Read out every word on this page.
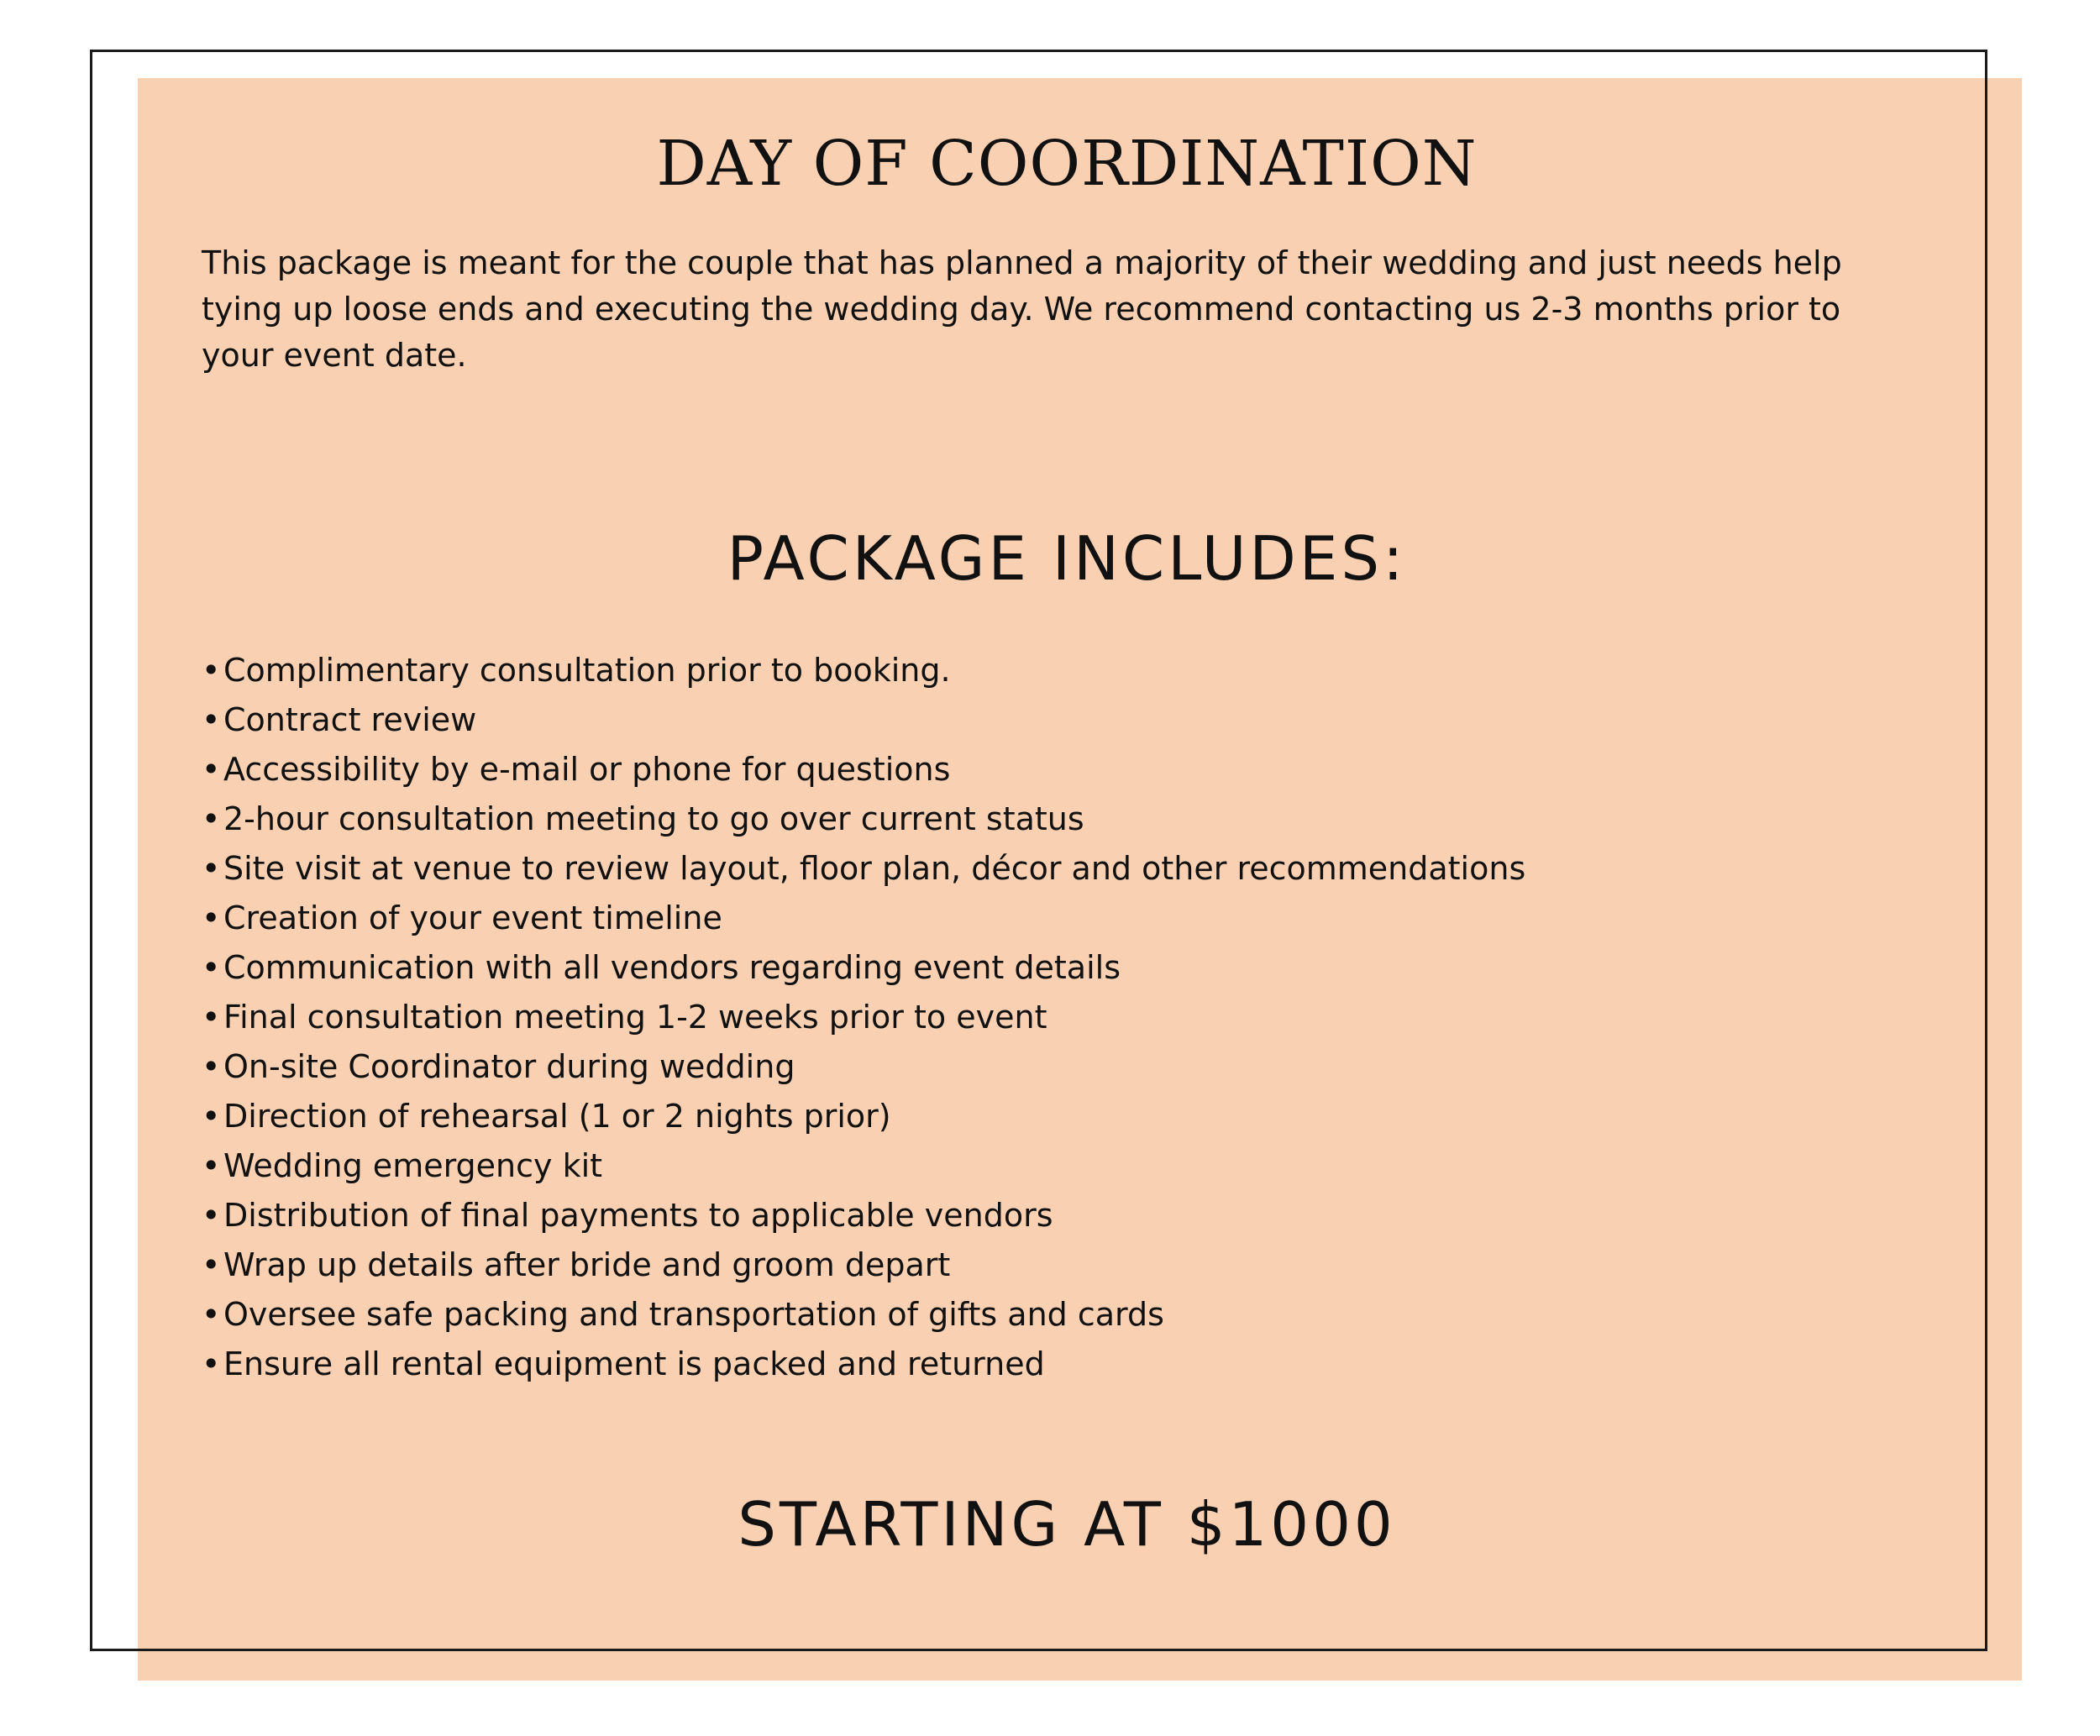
DAY OF COORDINATION

This package is meant for the couple that has planned a majority of their wedding and just needs help tying up loose ends and executing the wedding day. We recommend contacting us 2-3 months prior to your event date.

PACKAGE INCLUDES:
•Complimentary consultation prior to booking.
•Contract review
•Accessibility by e-mail or phone for questions
•2-hour consultation meeting to go over current status
•Site visit at venue to review layout, floor plan, décor and other recommendations
•Creation of your event timeline
•Communication with all vendors regarding event details
•Final consultation meeting 1-2 weeks prior to event
•On-site Coordinator during wedding
•Direction of rehearsal (1 or 2 nights prior)
•Wedding emergency kit
•Distribution of final payments to applicable vendors
•Wrap up details after bride and groom depart
•Oversee safe packing and transportation of gifts and cards
•Ensure all rental equipment is packed and returned
STARTING AT $1000
